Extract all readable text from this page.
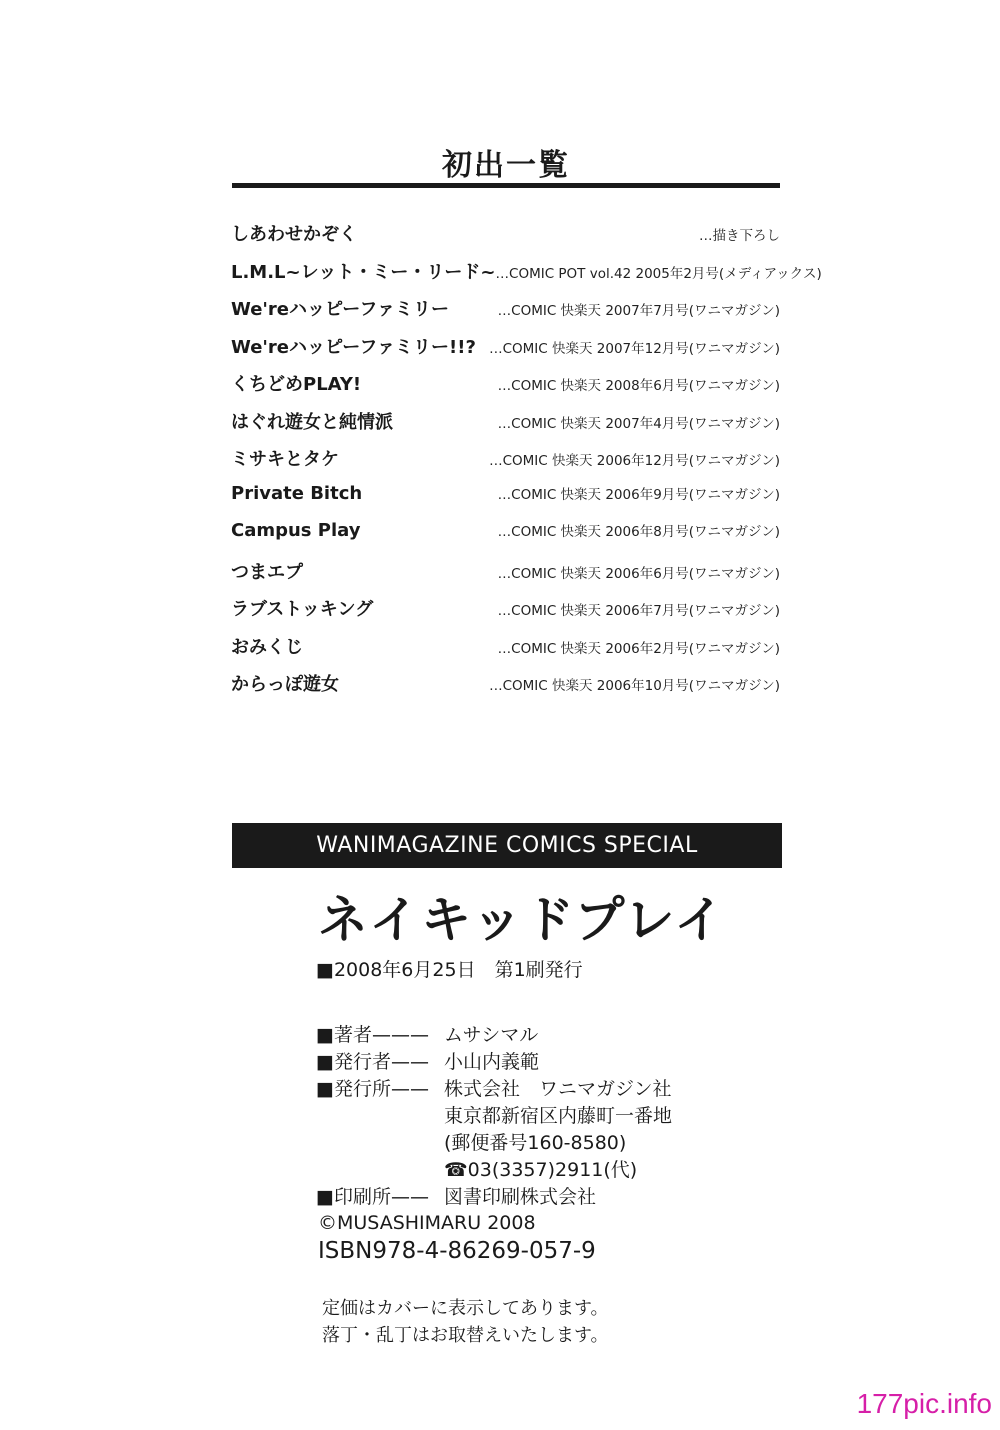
初出一覧
しあわせかぞく	…描き下ろし
L.M.L~レット・ミー・リード~ …COMIC POT vol.42 2005年2月号(メディアックス)
We'reハッピーファミリー	…COMIC 快楽天 2007年7月号(ワニマガジン)
We'reハッピーファミリー!!? …COMIC 快楽天 2007年12月号(ワニマガジン)
くちどめPLAY!	…COMIC 快楽天 2008年6月号(ワニマガジン)
はぐれ遊女と純情派	…COMIC 快楽天 2007年4月号(ワニマガジン)
ミサキとタケ	…COMIC 快楽天 2006年12月号(ワニマガジン)
Private Bitch	…COMIC 快楽天 2006年9月号(ワニマガジン)
Campus Play	…COMIC 快楽天 2006年8月号(ワニマガジン)
つまエプ	…COMIC 快楽天 2006年6月号(ワニマガジン)
ラブストッキング	…COMIC 快楽天 2006年7月号(ワニマガジン)
おみくじ	…COMIC 快楽天 2006年2月号(ワニマガジン)
からっぽ遊女	…COMIC 快楽天 2006年10月号(ワニマガジン)
WANIMAGAZINE COMICS SPECIAL
ネイキッドプレイ
■2008年6月25日　第1刷発行
■著者——— ムサシマル
■発行者—— 小山内義範
■発行所—— 株式会社　ワニマガジン社
東京都新宿区内藤町一番地
(郵便番号160-8580)
☎03(3357)2911(代)
■印刷所—— 図書印刷株式会社
©MUSASHIMARU 2008
ISBN978-4-86269-057-9
定価はカバーに表示してあります。
落丁・乱丁はお取替えいたします。
177pic.info
